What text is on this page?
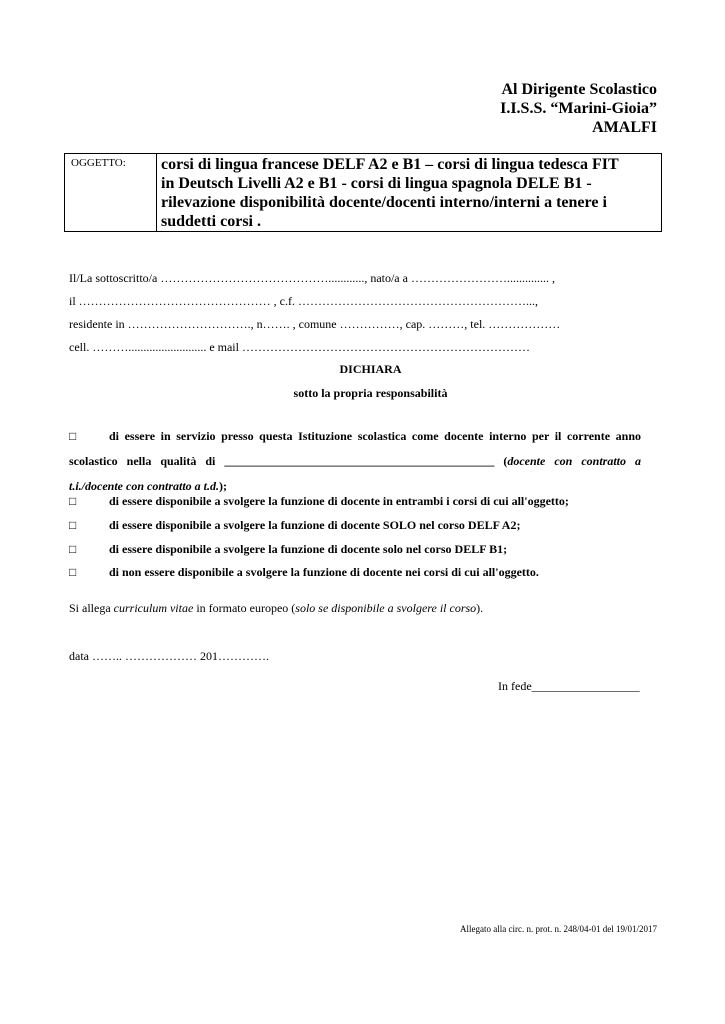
Al Dirigente Scolastico
I.I.S.S. “Marini-Gioia”
AMALFI
OGGETTO:	corsi di lingua francese DELF A2 e B1 – corsi di lingua tedesca FIT
in Deutsch Livelli A2 e B1 - corsi di lingua spagnola DELE B1 -
rilevazione disponibilità docente/docenti interno/interni a tenere i
suddetti corsi .
Il/La sottoscritto/a ……………………………………............, nato/a a …………………….............. ,
il ………………………………………… , c.f. …………………………………………………...,
residente in …………………………., n……. , comune ……………, cap. ………, tel. ………………
cell. ……….......................... e mail ………………………………………………………………
DICHIARA
sotto la propria responsabilità
□	di essere in servizio presso questa Istituzione scolastica come docente interno per il corrente anno scolastico nella qualità di _____________________________________________ (docente con contratto a t.i./docente con contratto a t.d.);
□	di essere disponibile a svolgere la funzione di docente in entrambi i corsi di cui all'oggetto;
□	di essere disponibile a svolgere la funzione di docente SOLO nel corso DELF A2;
□	di essere disponibile a svolgere la funzione di docente solo nel corso DELF B1;
□	di non essere disponibile a svolgere la funzione di docente nei corsi di cui all'oggetto.
Si allega curriculum vitae in formato europeo (solo se disponibile a svolgere il corso).
data …….. ……………… 201………….
In fede__________________
Allegato alla circ. n. prot. n. 248/04-01 del 19/01/2017
